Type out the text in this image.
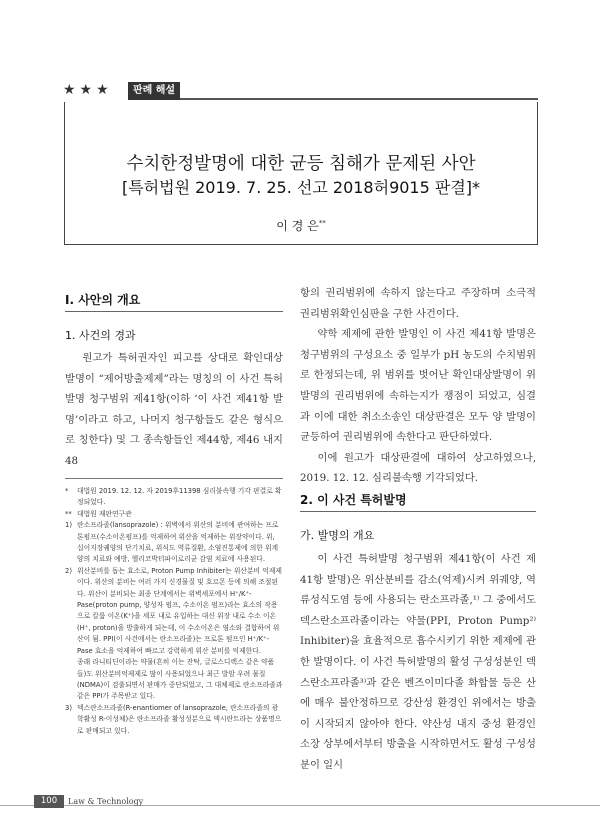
★★★	판례 해설
수치한정발명에 대한 균등 침해가 문제된 사안
[특허법원 2019. 7. 25. 선고 2018허9015 판결]*
이 경 은**
I. 사안의 개요
1. 사건의 경과

원고가 특허권자인 피고를 상대로 확인대상발명이 “제어방출제제”라는 명칭의 이 사건 특허발명 청구범위 제41항(이하 ‘이 사건 제41항 발명’이라고 하고, 나머지 청구항들도 같은 형식으로 칭한다) 및 그 종속항들인 제44항, 제46 내지 48

* 대법원 2019. 12. 12. 자 2019후11398 심리불속행 기각 판결로 확정되었다.

** 대법원 재판연구관

1) 란소프라졸(lansoprazole) : 위벽에서 위산의 분비에 관여하는 프로톤펌프(수소이온펌프)를 억제하여 위산을 억제하는 위장약이다. 위, 십이지장궤양의 단기치료, 위식도 역류질환, 소염진통제에 의한 위계양의 치료와 예방, 헬리코박터파이로리균 감염 치료에 사용된다.

2) 위산분비를 돕는 효소로, Proton Pump Inhibiter는 위산분비 억제제이다. 위산의 분비는 여러 가지 신경물질 및 호르몬 등에 의해 조절된다. 위산이 분비되는 최종 단계에서는 위벽세포에서 H⁺/K⁺-Pase(proton pump, 양성자 펌프, 수소이온 펌프)라는 효소의 작용으로 칼륨 이온(K⁺)을 세포 내로 유입하는 대신 위장 내로 수소 이온(H⁺, proton)을 방출하게 되는데, 이 수소이온은 염소와 결합하여 위산이 됨. PPI(이 사건에서는 란소프라졸)는 프로톤 펌프인 H⁺/K⁺-Pase 효소을 억제하여 빠르고 강력하게 위산 분비를 억제한다.

종래 라니티딘이라는 약물(흔히 이는 잔탁, 글로스디렉스 같은 약품들)도 위산분비억제제로 많이 사용되었으나 최근 발암 우려 물질(NDMA)이 검출되면서 판매가 중단되었고, 그 대체제로 란소프라졸과 같은 PPI가 주목받고 있다.

3) 덱스란소프라졸(R-enantiomer of lansoprazole, 란소프라졸의 광학활성 R-이성체)은 란소프라졸 활성성분으로 덱시란트라는 상품명으로 판매되고 있다.

항의 권리범위에 속하지 않는다고 주장하며 소극적 권리범위확인심판을 구한 사건이다.

약학 제제에 관한 발명인 이 사건 제41항 발명은 청구범위의 구성요소 중 일부가 pH 농도의 수치범위로 한정되는데, 위 범위를 벗어난 확인대상발명이 위 발명의 권리범위에 속하는지가 쟁점이 되었고, 심결과 이에 대한 취소소송인 대상판결은 모두 양 발명이 균등하여 권리범위에 속한다고 판단하였다.

이에 원고가 대상판결에 대하여 상고하였으나, 2019. 12. 12. 심리불속행 기각되었다.

2. 이 사건 특허발명
가. 발명의 개요

이 사건 특허발명 청구범위 제41항(이 사건 제41항 발명)은 위산분비를 감소(억제)시켜 위궤양, 역류성식도염 등에 사용되는 란소프라졸,¹⁾ 그 중에서도 덱스란소프라졸이라는 약물(PPI, Proton Pump²⁾ Inhibiter)을 효율적으로 흡수시키기 위한 제제에 관한 발명이다. 이 사건 특허발명의 활성 구성성분인 덱스란소프라졸³⁾과 같은 벤즈이미다졸 화합물 등은 산에 매우 불안정하므로 강산성 환경인 위에서는 방출이 시작되지 않아야 한다. 약산성 내지 중성 환경인 소장 상부에서부터 방출을 시작하면서도 활성 구성성분이 일시

100	Law & Technology
